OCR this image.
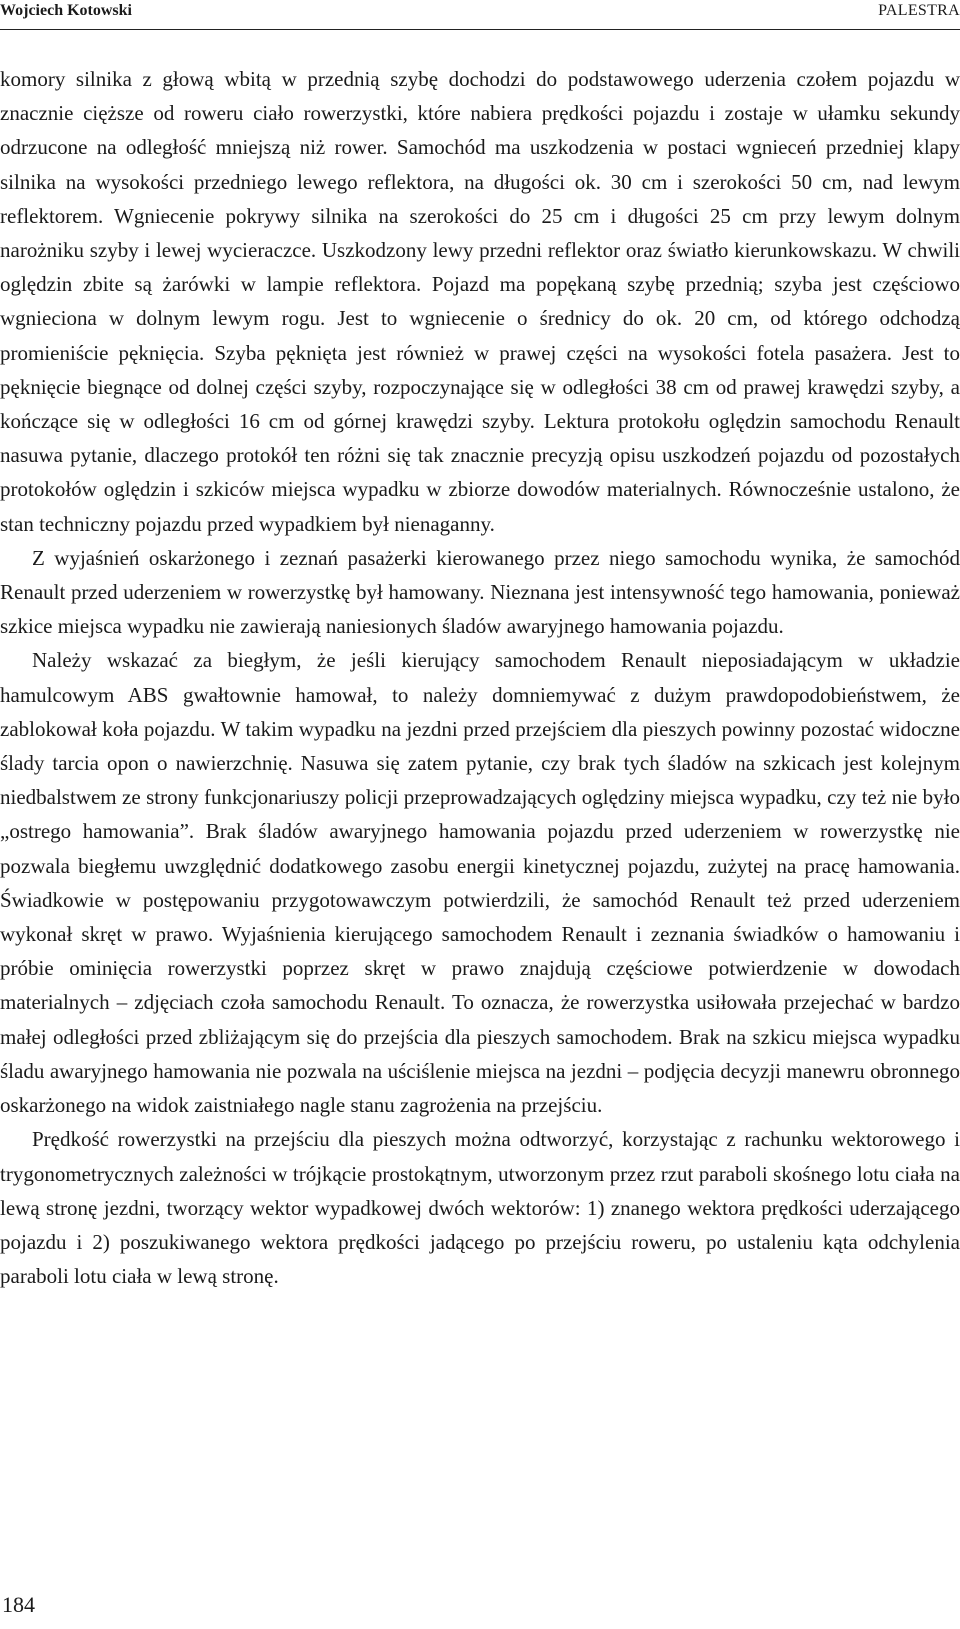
Wojciech Kotowski	PALESTRA

komory silnika z głową wbitą w przednią szybę dochodzi do podstawowego uderzenia czołem pojazdu w znacznie cięższe od roweru ciało rowerzystki, które nabiera prędkości pojazdu i zostaje w ułamku sekundy odrzucone na odległość mniejszą niż rower. Samochód ma uszkodzenia w postaci wgnieceń przedniej klapy silnika na wysokości przedniego lewego reflektora, na długości ok. 30 cm i szerokości 50 cm, nad lewym reflektorem. Wgniecenie pokrywy silnika na szerokości do 25 cm i długości 25 cm przy lewym dolnym narożniku szyby i lewej wycieraczce. Uszkodzony lewy przedni reflektor oraz światło kierunkowskazu. W chwili oględzin zbite są żarówki w lampie reflektora. Pojazd ma popękaną szybę przednią; szyba jest częściowo wgnieciona w dolnym lewym rogu. Jest to wgniecenie o średnicy do ok. 20 cm, od którego odchodzą promieniście pęknięcia. Szyba pęknięta jest również w prawej części na wysokości fotela pasażera. Jest to pęknięcie biegnące od dolnej części szyby, rozpoczynające się w odległości 38 cm od prawej krawędzi szyby, a kończące się w odległości 16 cm od górnej krawędzi szyby. Lektura protokołu oględzin samochodu Renault nasuwa pytanie, dlaczego protokół ten różni się tak znacznie precyzją opisu uszkodzeń pojazdu od pozostałych protokołów oględzin i szkiców miejsca wypadku w zbiorze dowodów materialnych. Równocześnie ustalono, że stan techniczny pojazdu przed wypadkiem był nienaganny.

Z wyjaśnień oskarżonego i zeznań pasażerki kierowanego przez niego samochodu wynika, że samochód Renault przed uderzeniem w rowerzystkę był hamowany. Nieznana jest intensywność tego hamowania, ponieważ szkice miejsca wypadku nie zawierają naniesionych śladów awaryjnego hamowania pojazdu.

Należy wskazać za biegłym, że jeśli kierujący samochodem Renault nieposiadającym w układzie hamulcowym ABS gwałtownie hamował, to należy domniemywać z dużym prawdopodobieństwem, że zablokował koła pojazdu. W takim wypadku na jezdni przed przejściem dla pieszych powinny pozostać widoczne ślady tarcia opon o nawierzchnię. Nasuwa się zatem pytanie, czy brak tych śladów na szkicach jest kolejnym niedbalstwem ze strony funkcjonariuszy policji przeprowadzających oględziny miejsca wypadku, czy też nie było „ostrego hamowania”. Brak śladów awaryjnego hamowania pojazdu przed uderzeniem w rowerzystkę nie pozwala biegłemu uwzględnić dodatkowego zasobu energii kinetycznej pojazdu, zużytej na pracę hamowania. Świadkowie w postępowaniu przygotowawczym potwierdzili, że samochód Renault też przed uderzeniem wykonał skręt w prawo. Wyjaśnienia kierującego samochodem Renault i zeznania świadków o hamowaniu i próbie ominięcia rowerzystki poprzez skręt w prawo znajdują częściowe potwierdzenie w dowodach materialnych – zdjęciach czoła samochodu Renault. To oznacza, że rowerzystka usiłowała przejechać w bardzo małej odległości przed zbliżającym się do przejścia dla pieszych samochodem. Brak na szkicu miejsca wypadku śladu awaryjnego hamowania nie pozwala na uściślenie miejsca na jezdni – podjęcia decyzji manewru obronnego oskarżonego na widok zaistniałego nagle stanu zagrożenia na przejściu.

Prędkość rowerzystki na przejściu dla pieszych można odtworzyć, korzystając z rachunku wektorowego i trygonometrycznych zależności w trójkącie prostokątnym, utworzonym przez rzut paraboli skośnego lotu ciała na lewą stronę jezdni, tworzący wektor wypadkowej dwóch wektorów: 1) znanego wektora prędkości uderzającego pojazdu i 2) poszukiwanego wektora prędkości jadącego po przejściu roweru, po ustaleniu kąta odchylenia paraboli lotu ciała w lewą stronę.

184
